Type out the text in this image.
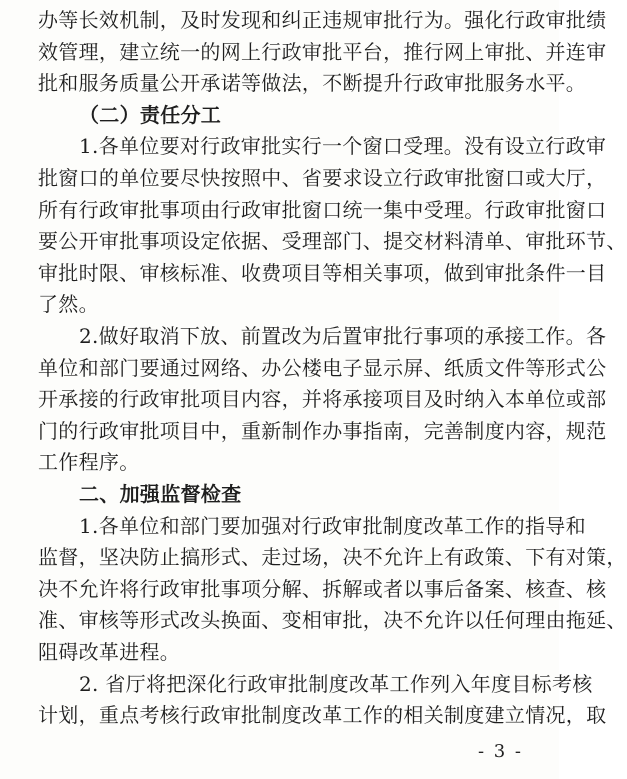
办等长效机制，及时发现和纠正违规审批行为。强化行政审批绩
效管理，建立统一的网上行政审批平台，推行网上审批、并连审
批和服务质量公开承诺等做法，不断提升行政审批服务水平。
（二）责任分工
1.各单位要对行政审批实行一个窗口受理。没有设立行政审
批窗口的单位要尽快按照中、省要求设立行政审批窗口或大厅，
所有行政审批事项由行政审批窗口统一集中受理。行政审批窗口
要公开审批事项设定依据、受理部门、提交材料清单、审批环节、
审批时限、审核标准、收费项目等相关事项，做到审批条件一目
了然。
2.做好取消下放、前置改为后置审批行事项的承接工作。各
单位和部门要通过网络、办公楼电子显示屏、纸质文件等形式公
开承接的行政审批项目内容，并将承接项目及时纳入本单位或部
门的行政审批项目中，重新制作办事指南，完善制度内容，规范
工作程序。
二、加强监督检查
1.各单位和部门要加强对行政审批制度改革工作的指导和
监督，坚决防止搞形式、走过场，决不允许上有政策、下有对策，
决不允许将行政审批事项分解、拆解或者以事后备案、核查、核
准、审核等形式改头换面、变相审批，决不允许以任何理由拖延、
阻碍改革进程。
2. 省厅将把深化行政审批制度改革工作列入年度目标考核
计划，重点考核行政审批制度改革工作的相关制度建立情况，取
- 3 -
